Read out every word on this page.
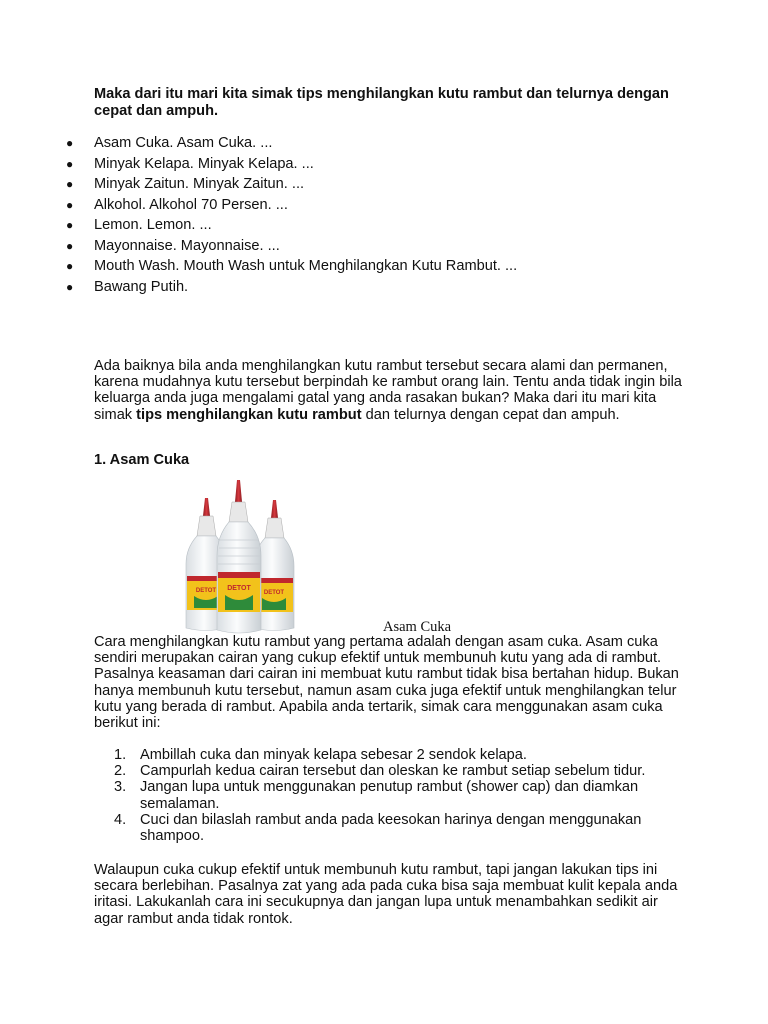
Maka dari itu mari kita simak tips menghilangkan kutu rambut dan telurnya dengan cepat dan ampuh.
● Asam Cuka. Asam Cuka. ...
● Minyak Kelapa. Minyak Kelapa. ...
● Minyak Zaitun. Minyak Zaitun. ...
● Alkohol. Alkohol 70 Persen. ...
● Lemon. Lemon. ...
● Mayonnaise. Mayonnaise. ...
● Mouth Wash. Mouth Wash untuk Menghilangkan Kutu Rambut. ...
● Bawang Putih.

Ada baiknya bila anda menghilangkan kutu rambut tersebut secara alami dan permanen, karena mudahnya kutu tersebut berpindah ke rambut orang lain. Tentu anda tidak ingin bila keluarga anda juga mengalami gatal yang anda rasakan bukan? Maka dari itu mari kita simak tips menghilangkan kutu rambut dan telurnya dengan cepat dan ampuh.

1. Asam Cuka
DETOT	DETOT
DETOT
Asam Cuka

Cara menghilangkan kutu rambut yang pertama adalah dengan asam cuka. Asam cuka sendiri merupakan cairan yang cukup efektif untuk membunuh kutu yang ada di rambut. Pasalnya keasaman dari cairan ini membuat kutu rambut tidak bisa bertahan hidup. Bukan hanya membunuh kutu tersebut, namun asam cuka juga efektif untuk menghilangkan telur kutu yang berada di rambut. Apabila anda tertarik, simak cara menggunakan asam cuka berikut ini:

1. Ambillah cuka dan minyak kelapa sebesar 2 sendok kelapa.
2. Campurlah kedua cairan tersebut dan oleskan ke rambut setiap sebelum tidur.
3. Jangan lupa untuk menggunakan penutup rambut (shower cap) dan diamkan semalaman.
4. Cuci dan bilaslah rambut anda pada keesokan harinya dengan menggunakan shampoo.

Walaupun cuka cukup efektif untuk membunuh kutu rambut, tapi jangan lakukan tips ini secara berlebihan. Pasalnya zat yang ada pada cuka bisa saja membuat kulit kepala anda iritasi. Lakukanlah cara ini secukupnya dan jangan lupa untuk menambahkan sedikit air agar rambut anda tidak rontok.
